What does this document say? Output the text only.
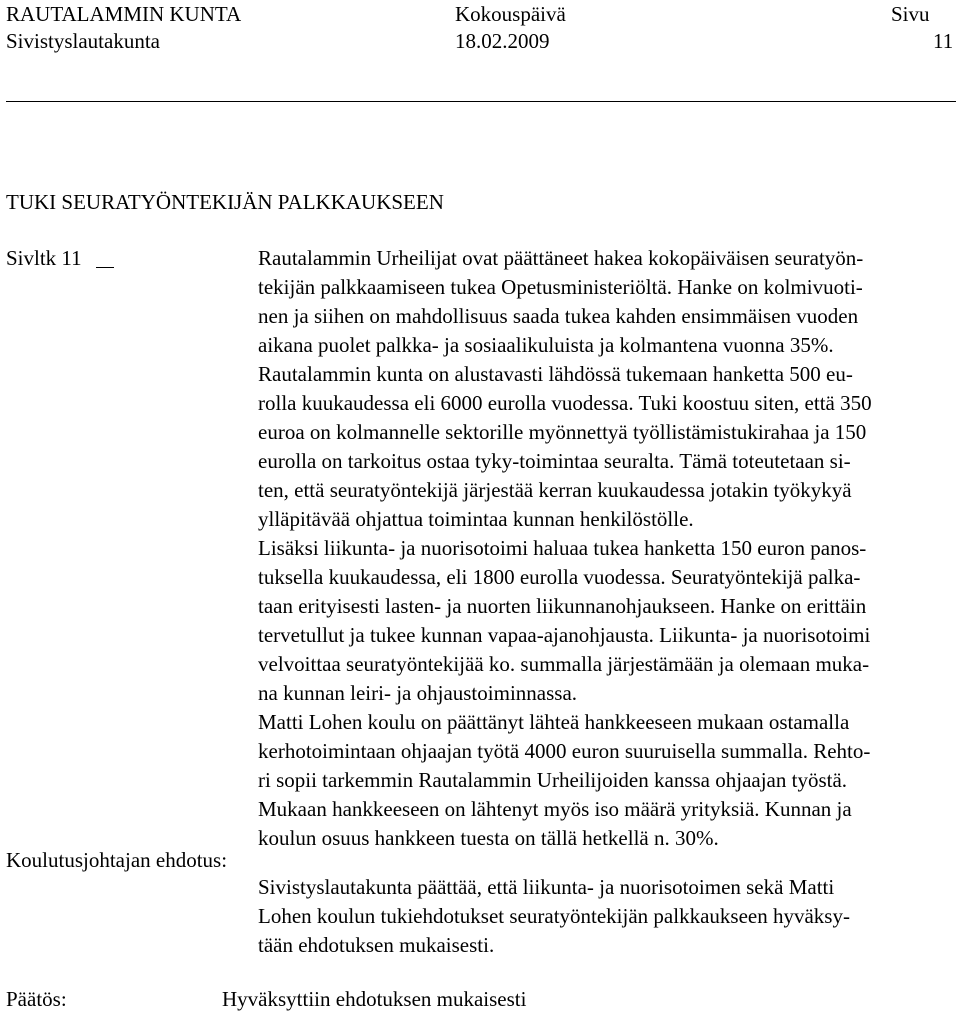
RAUTALAMMIN KUNTA
Sivistyslautakunta
Kokouspäivä
18.02.2009
Sivu
11
TUKI SEURATYÖNTEKIJÄN PALKKAUKSEEN
Sivltk 11	Rautalammin Urheilijat ovat päättäneet hakea kokopäiväisen seuratyön-
tekijän palkkaamiseen tukea Opetusministeriöltä. Hanke on kolmivuoti-
nen ja siihen on mahdollisuus saada tukea kahden ensimmäisen vuoden
aikana puolet palkka- ja sosiaalikuluista ja kolmantena vuonna 35%.

Rautalammin kunta on alustavasti lähdössä tukemaan hanketta 500 eu-
rolla kuukaudessa eli 6000 eurolla vuodessa. Tuki koostuu siten, että 350
euroa on kolmannelle sektorille myönnettyä työllistämistukirahaa ja 150
eurolla on tarkoitus ostaa tyky-toimintaa seuralta. Tämä toteutetaan si-
ten, että seuratyöntekijä järjestää kerran kuukaudessa jotakin työkykyä
ylläpitävää ohjattua toimintaa kunnan henkilöstölle.

Lisäksi liikunta- ja nuorisotoimi haluaa tukea hanketta 150 euron panos-
tuksella kuukaudessa, eli 1800 eurolla vuodessa. Seuratyöntekijä palka-
taan erityisesti lasten- ja nuorten liikunnanohjaukseen. Hanke on erittäin
tervetullut ja tukee kunnan vapaa-ajanohjausta. Liikunta- ja nuorisotoimi
velvoittaa seuratyöntekijää ko. summalla järjestämään ja olemaan muka-
na kunnan leiri- ja ohjaustoiminnassa.

Matti Lohen koulu on päättänyt lähteä hankkeeseen mukaan ostamalla
kerhotoimintaan ohjaajan työtä 4000 euron suuruisella summalla. Rehto-
ri sopii tarkemmin Rautalammin Urheilijoiden kanssa ohjaajan työstä.
Mukaan hankkeeseen on lähtenyt myös iso määrä yrityksiä. Kunnan ja
koulun osuus hankkeen tuesta on tällä hetkellä n. 30%.

Koulutusjohtajan ehdotus:

Sivistyslautakunta päättää, että liikunta- ja nuorisotoimen sekä Matti
Lohen koulun tukiehdotukset seuratyöntekijän palkkaukseen hyväksy-
tään ehdotuksen mukaisesti.

Päätös:	Hyväksyttiin ehdotuksen mukaisesti
